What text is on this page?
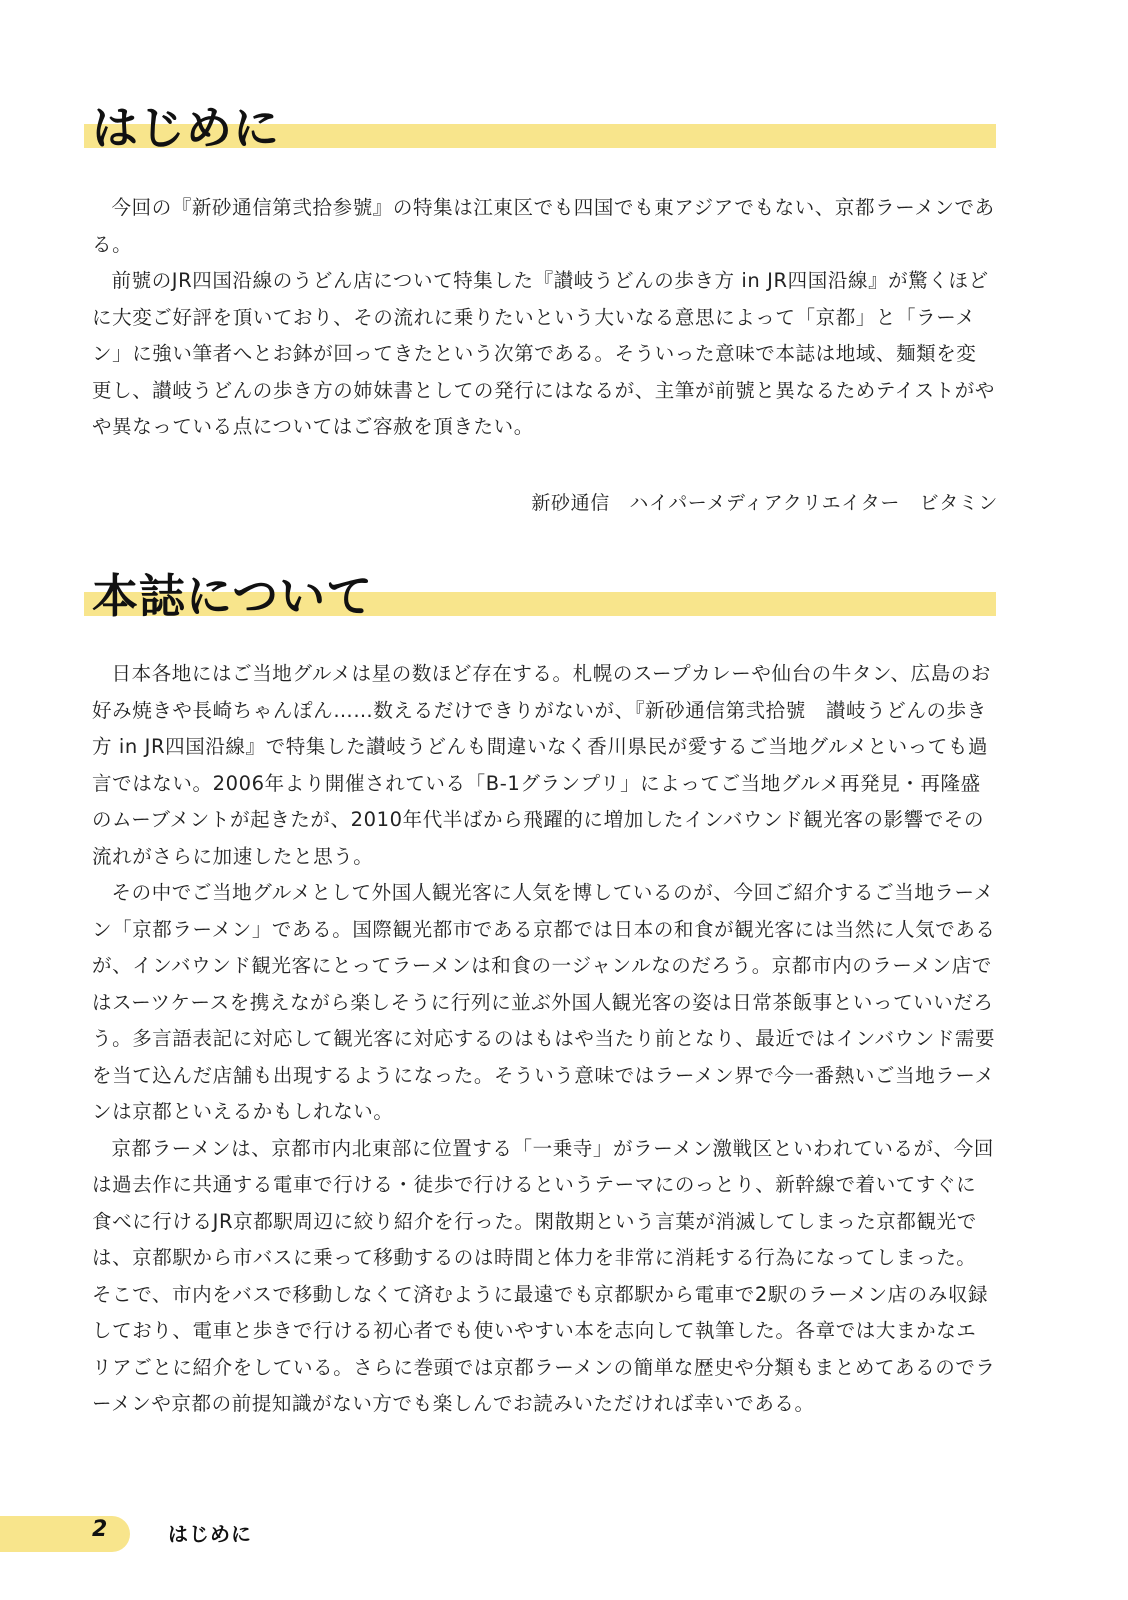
はじめに

今回の『新砂通信第弐拾参號』の特集は江東区でも四国でも東アジアでもない、京都ラーメンである。

前號のJR四国沿線のうどん店について特集した『讃岐うどんの歩き方 in JR四国沿線』が驚くほどに大変ご好評を頂いており、その流れに乗りたいという大いなる意思によって「京都」と「ラーメン」に強い筆者へとお鉢が回ってきたという次第である。そういった意味で本誌は地域、麺類を変更し、讃岐うどんの歩き方の姉妹書としての発行にはなるが、主筆が前號と異なるためテイストがやや異なっている点についてはご容赦を頂きたい。

新砂通信　ハイパーメディアクリエイター　ビタミン
本誌について

日本各地にはご当地グルメは星の数ほど存在する。札幌のスープカレーや仙台の牛タン、広島のお好み焼きや長崎ちゃんぽん……数えるだけできりがないが、『新砂通信第弐拾號　讃岐うどんの歩き方 in JR四国沿線』で特集した讃岐うどんも間違いなく香川県民が愛するご当地グルメといっても過言ではない。2006年より開催されている「B-1グランプリ」によってご当地グルメ再発見・再隆盛のムーブメントが起きたが、2010年代半ばから飛躍的に増加したインバウンド観光客の影響でその流れがさらに加速したと思う。

その中でご当地グルメとして外国人観光客に人気を博しているのが、今回ご紹介するご当地ラーメン「京都ラーメン」である。国際観光都市である京都では日本の和食が観光客には当然に人気であるが、インバウンド観光客にとってラーメンは和食の一ジャンルなのだろう。京都市内のラーメン店ではスーツケースを携えながら楽しそうに行列に並ぶ外国人観光客の姿は日常茶飯事といっていいだろう。多言語表記に対応して観光客に対応するのはもはや当たり前となり、最近ではインバウンド需要を当て込んだ店舗も出現するようになった。そういう意味ではラーメン界で今一番熱いご当地ラーメンは京都といえるかもしれない。

京都ラーメンは、京都市内北東部に位置する「一乗寺」がラーメン激戦区といわれているが、今回は過去作に共通する電車で行ける・徒歩で行けるというテーマにのっとり、新幹線で着いてすぐに食べに行けるJR京都駅周辺に絞り紹介を行った。閑散期という言葉が消滅してしまった京都観光では、京都駅から市バスに乗って移動するのは時間と体力を非常に消耗する行為になってしまった。そこで、市内をバスで移動しなくて済むように最遠でも京都駅から電車で2駅のラーメン店のみ収録しており、電車と歩きで行ける初心者でも使いやすい本を志向して執筆した。各章では大まかなエリアごとに紹介をしている。さらに巻頭では京都ラーメンの簡単な歴史や分類もまとめてあるのでラーメンや京都の前提知識がない方でも楽しんでお読みいただければ幸いである。

2	はじめに
